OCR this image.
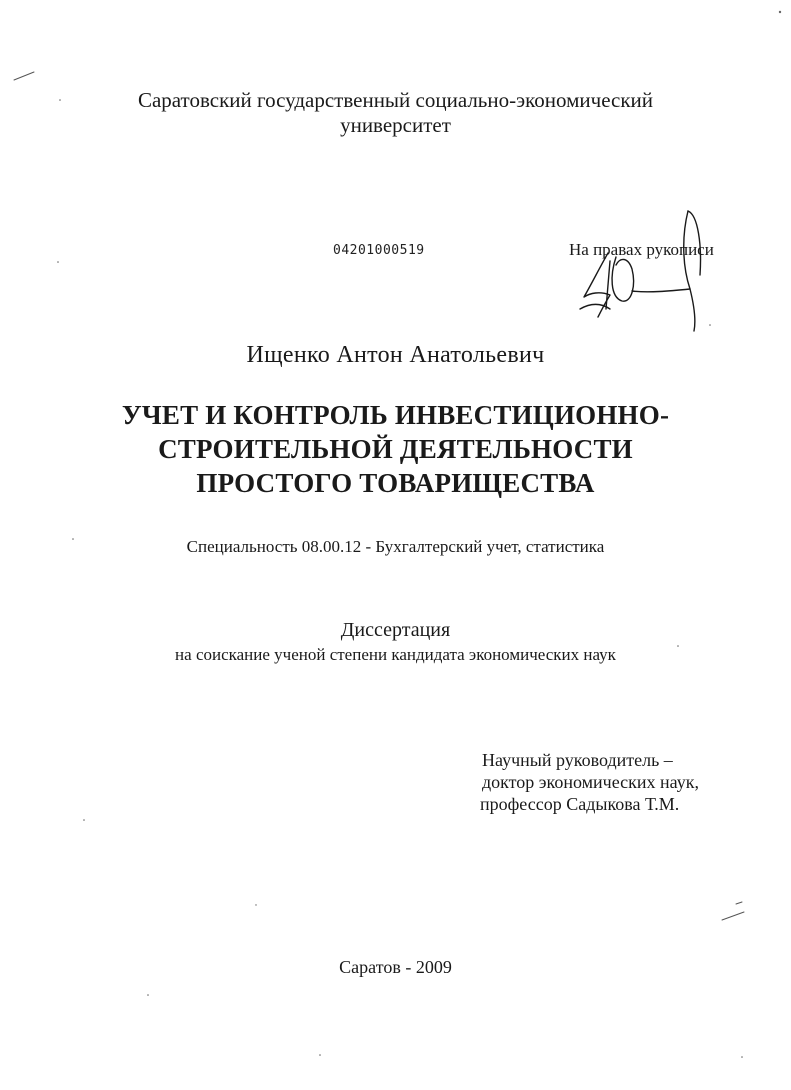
Саратовский государственный социально-экономический
университет
04201000519	На правах рукописи
Ищенко Антон Анатольевич
УЧЕТ И КОНТРОЛЬ ИНВЕСТИЦИОННО-
СТРОИТЕЛЬНОЙ ДЕЯТЕЛЬНОСТИ
ПРОСТОГО ТОВАРИЩЕСТВА
Специальность 08.00.12 - Бухгалтерский учет, статистика
Диссертация
на соискание ученой степени кандидата экономических наук
Научный руководитель –
доктор экономических наук,
профессор Садыкова Т.М.
Саратов - 2009
